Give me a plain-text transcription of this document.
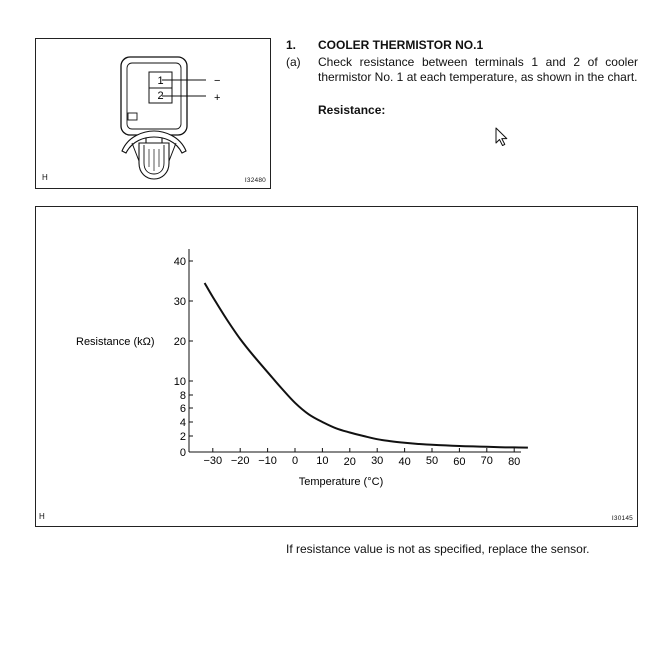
1
2
−
+
H	I32480
1. COOLER THERMISTOR NO.1
(a) Check resistance between terminals 1 and 2 of cooler thermistor No. 1 at each temperature, as shown in the chart.
Resistance:
0
2
4
6
8
10
20
30
40
−30 −20 −10 0 10 20 30 40 50 60 70 80
Resistance (kΩ)
Temperature (°C)
H	I30145
If resistance value is not as specified, replace the sensor.
